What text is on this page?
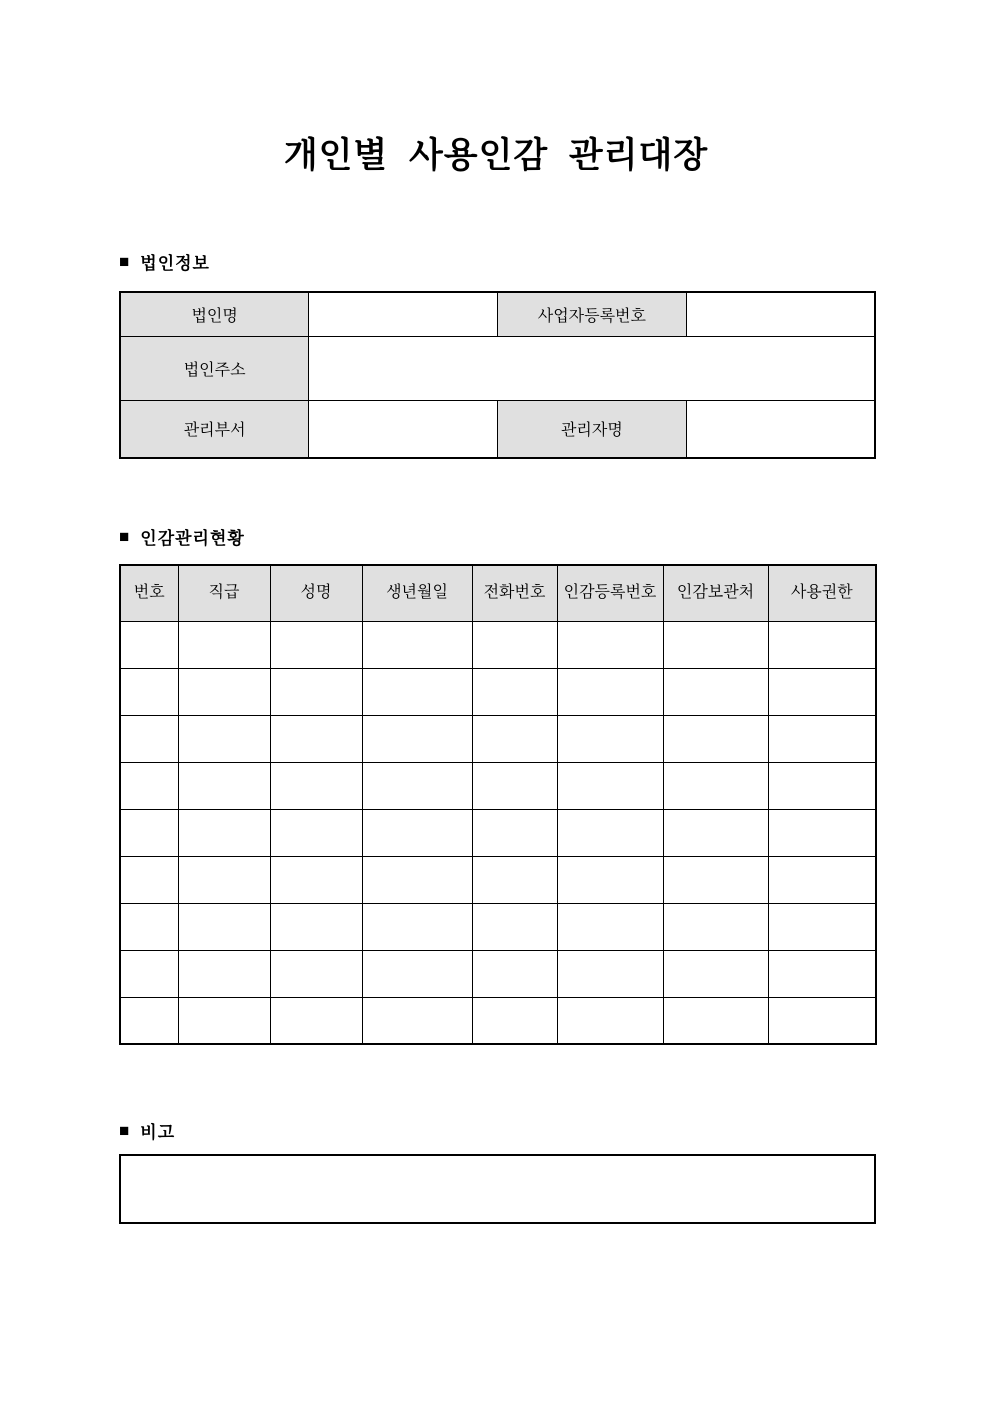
개인별 사용인감 관리대장
■ 법인정보
법인명		사업자등록번호	
법인주소			
관리부서		관리자명	
■ 인감관리현황
번호	직급	성명	생년월일	전화번호	인감등록번호	인감보관처	사용권한

■ 비고
